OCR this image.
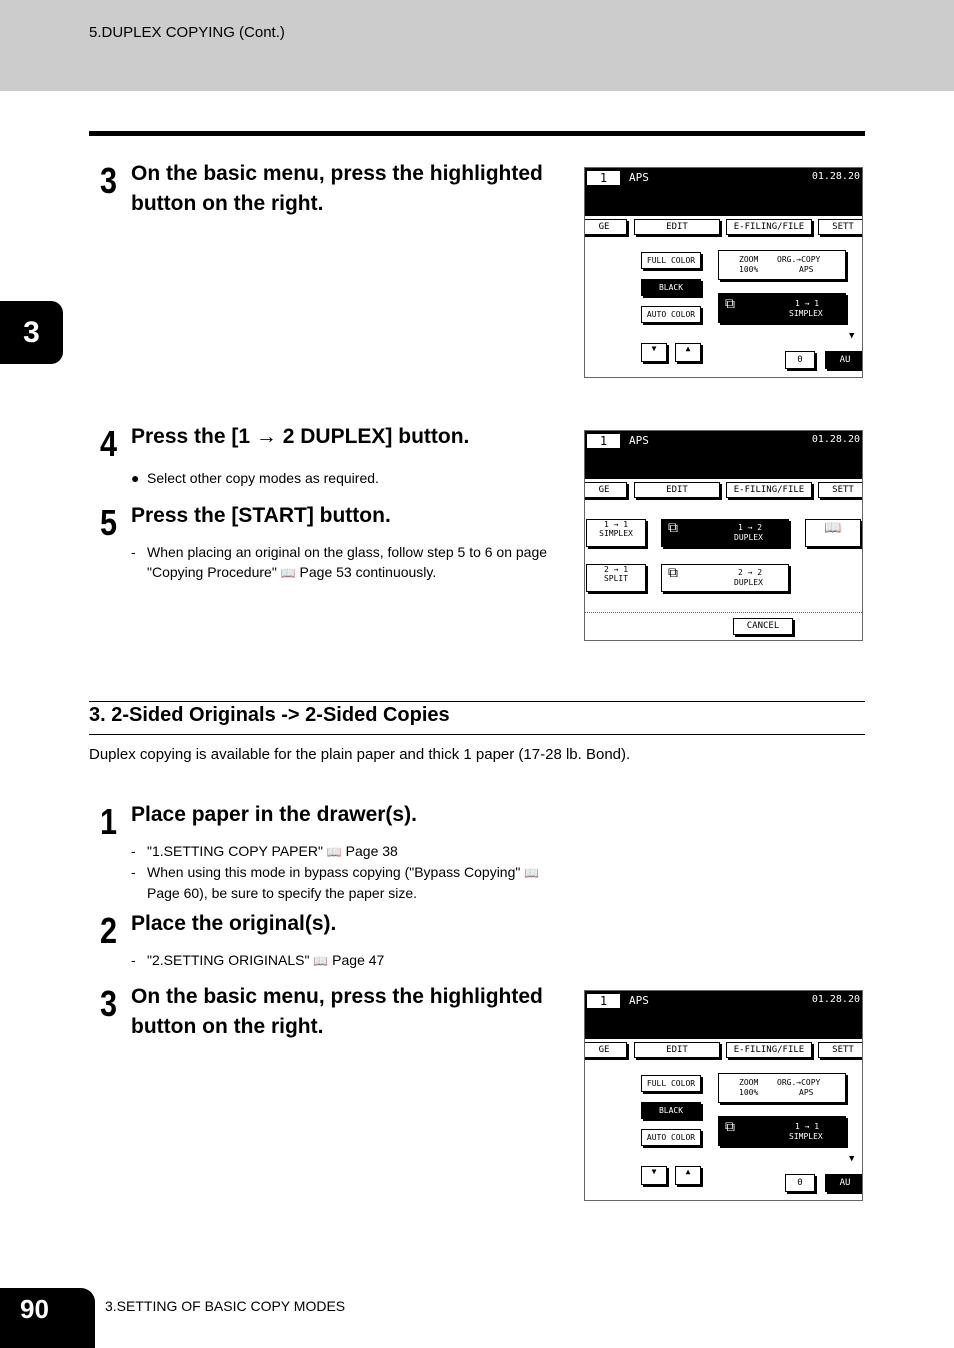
5.DUPLEX COPYING (Cont.)
3
3 On the basic menu, press the highlighted button on the right.
4 Press the [1 → 2 DUPLEX] button.
● Select other copy modes as required.
5 Press the [START] button.
- When placing an original on the glass, follow step 5 to 6 on page
"Copying Procedure" 📖 Page 53 continuously.
3. 2-Sided Originals -> 2-Sided Copies
Duplex copying is available for the plain paper and thick 1 paper (17-28 lb. Bond).
1 Place paper in the drawer(s).
- "1.SETTING COPY PAPER" 📖 Page 38
- When using this mode in bypass copying ("Bypass Copying" 📖
Page 60), be sure to specify the paper size.
2 Place the original(s).
- "2.SETTING ORIGINALS" 📖 Page 47
3 On the basic menu, press the highlighted button on the right.
1	APS	01.28.20
GE	EDIT	E-FILING/FILE	SETT
FULL COLOR
BLACK
AUTO COLOR
ZOOM
100%
ORG.→COPY
APS
⧉	1 → 1
SIMPLEX
▼	▲
▼
0	AU
1	APS	01.28.20
GE	EDIT	E-FILING/FILE	SETT
1 → 1
SIMPLEX	⧉	1 → 2
DUPLEX
📖
2 → 1
SPLIT	⧉	2 → 2
DUPLEX
CANCEL
1	APS	01.28.20
GE	EDIT	E-FILING/FILE	SETT
FULL COLOR
BLACK
AUTO COLOR
ZOOM
100%
ORG.→COPY
APS
⧉	1 → 1
SIMPLEX
▼	▲
▼
0	AU
90	3.SETTING OF BASIC COPY MODES
